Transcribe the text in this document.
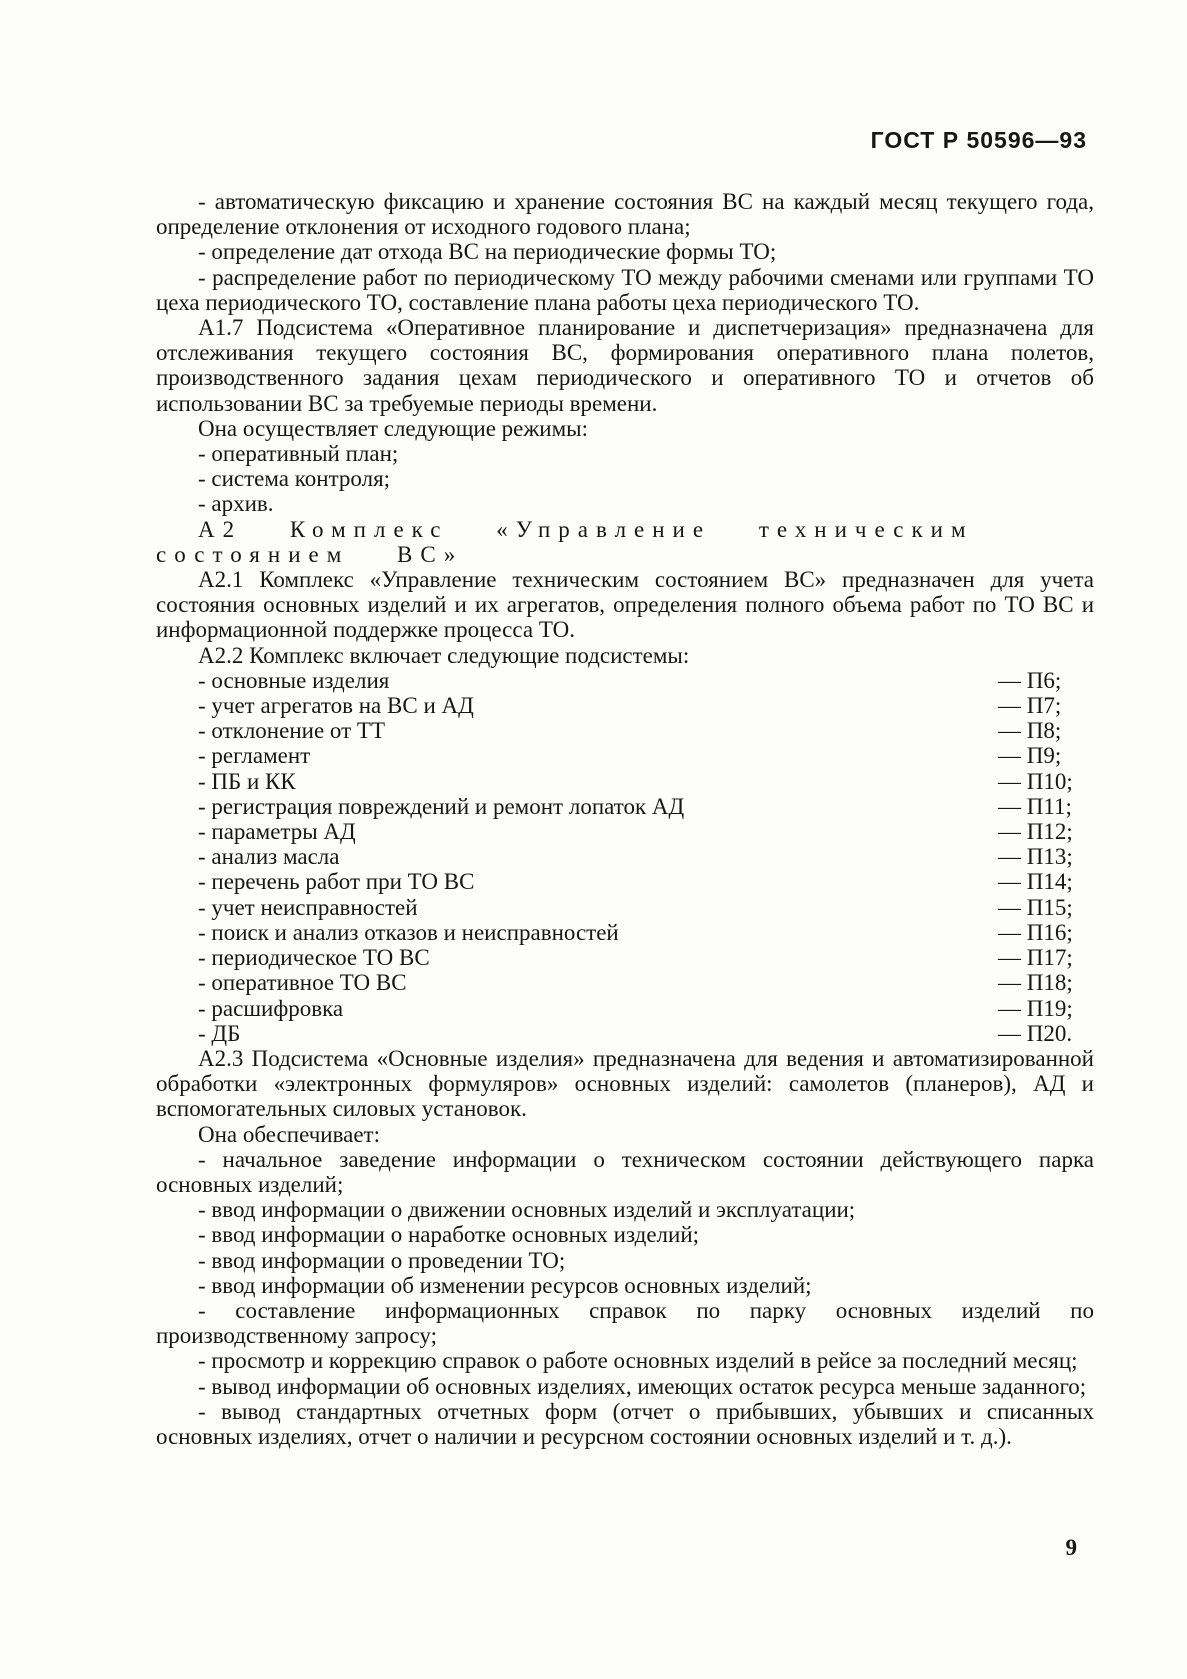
ГОСТ Р 50596—93

- автоматическую фиксацию и хранение состояния ВС на каждый месяц текущего года, определение отклонения от исходного годового плана;

- определение дат отхода ВС на периодические формы ТО;

- распределение работ по периодическому ТО между рабочими сменами или группами ТО цеха периодического ТО, составление плана работы цеха периодического ТО.

А1.7 Подсистема «Оперативное планирование и диспетчеризация» предназначена для отслеживания текущего состояния ВС, формирования оперативного плана полетов, производственного задания цехам периодического и оперативного ТО и отчетов об использовании ВС за требуемые периоды времени.

Она осуществляет следующие режимы:

- оперативный план;

- система контроля;

- архив.

А2 Комплекс «Управление техническим состоянием ВС»

А2.1 Комплекс «Управление техническим состоянием ВС» предназначен для учета состояния основных изделий и их агрегатов, определения полного объема работ по ТО ВС и информационной поддержке процесса ТО.

А2.2 Комплекс включает следующие подсистемы:

- основные изделия	— П6;
- учет агрегатов на ВС и АД	— П7;
- отклонение от ТТ	— П8;
- регламент	— П9;
- ПБ и КК	— П10;
- регистрация повреждений и ремонт лопаток АД	— П11;
- параметры АД	— П12;
- анализ масла	— П13;
- перечень работ при ТО ВС	— П14;
- учет неисправностей	— П15;
- поиск и анализ отказов и неисправностей	— П16;
- периодическое ТО ВС	— П17;
- оперативное ТО ВС	— П18;
- расшифровка	— П19;
- ДБ	— П20.

А2.3 Подсистема «Основные изделия» предназначена для ведения и автоматизированной обработки «электронных формуляров» основных изделий: самолетов (планеров), АД и вспомогательных силовых установок.

Она обеспечивает:

- начальное заведение информации о техническом состоянии действующего парка основных изделий;

- ввод информации о движении основных изделий и эксплуатации;

- ввод информации о наработке основных изделий;

- ввод информации о проведении ТО;

- ввод информации об изменении ресурсов основных изделий;

- составление информационных справок по парку основных изделий по производственному запросу;

- просмотр и коррекцию справок о работе основных изделий в рейсе за последний месяц;

- вывод информации об основных изделиях, имеющих остаток ресурса меньше заданного;

- вывод стандартных отчетных форм (отчет о прибывших, убывших и списанных основных изделиях, отчет о наличии и ресурсном состоянии основных изделий и т. д.).

9
